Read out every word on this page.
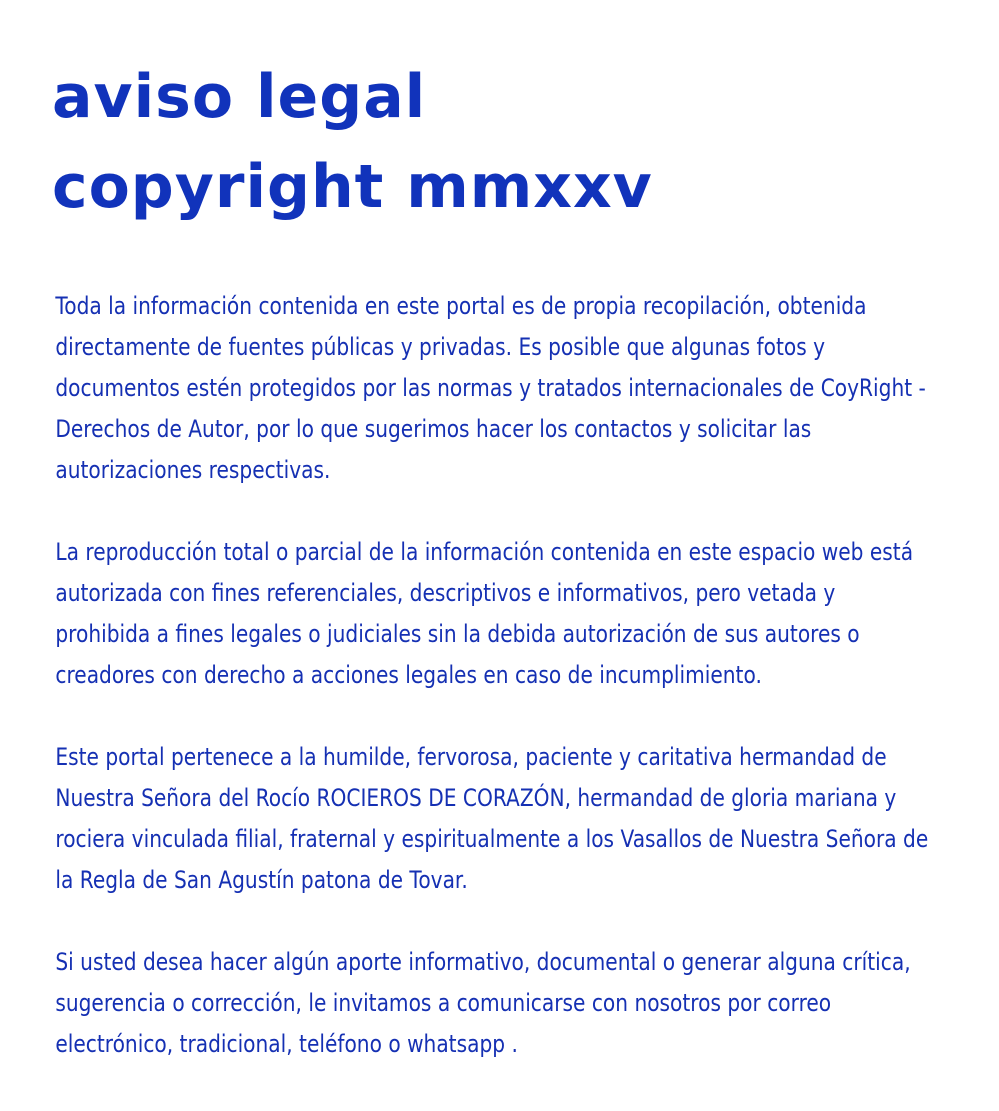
aviso legal
copyright mmxxv

Toda la información contenida en este portal es de propia recopilación, obtenida directamente de fuentes públicas y privadas. Es posible que algunas fotos y documentos estén protegidos por las normas y tratados internacionales de CoyRight - Derechos de Autor, por lo que sugerimos hacer los contactos y solicitar las autorizaciones respectivas.

La reproducción total o parcial de la información contenida en este espacio web está autorizada con fines referenciales, descriptivos e informativos, pero vetada y prohibida a fines legales o judiciales sin la debida autorización de sus autores o creadores con derecho a acciones legales en caso de incumplimiento.

Este portal pertenece a la humilde, fervorosa, paciente y caritativa hermandad de Nuestra Señora del Rocío ROCIEROS DE CORAZÓN, hermandad de gloria mariana y rociera vinculada filial, fraternal y espiritualmente a los Vasallos de Nuestra Señora de la Regla de San Agustín patona de Tovar.

Si usted desea hacer algún aporte informativo, documental o generar alguna crítica, sugerencia o corrección, le invitamos a comunicarse con nosotros por correo electrónico, tradicional, teléfono o whatsapp .
